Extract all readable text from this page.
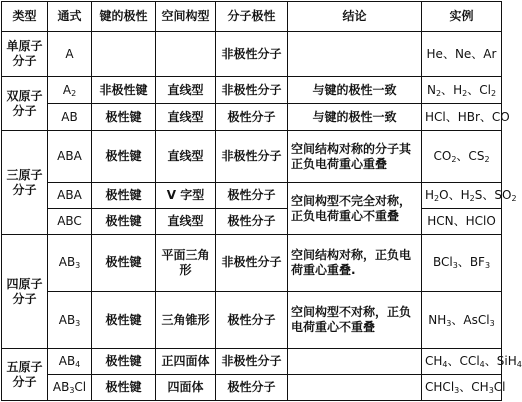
类型	通式	键的极性	空间构型	分子极性	结论	实例
单原子分子	A			非极性分子		He、Ne、Ar
双原子分子	$A_2$	非极性键	直线型	非极性分子	与键的极性一致	$N_2$、$H_2$、$Cl_2$
	AB	极性键	直线型	极性分子	与键的极性一致	HCl、HBr、CO
三原子分子	ABA	极性键	直线型	非极性分子	空间结构对称的分子其正负电荷重心重叠	$CO_2$、$CS_2$
	ABA	极性键	V 字型	极性分子	空间构型不完全对称，正负电荷重心不重叠	$H_2O$、$H_2S$、$SO_2$
	ABC	极性键	直线型	极性分子		HCN、HClO
四原子分子	$AB_3$	极性键	平面三角形	非极性分子	空间结构对称，正负电荷重心重叠.	BCl$_3$、$BF_3$
	$AB_3$	极性键	三角锥形	极性分子	空间构型不对称，正负电荷重心不重叠	$NH_3$、AsCl$_3$
五原子分子	$AB_4$	极性键	正四面体	非极性分子		$CH_4$、CCl$_4$、SiH$_4$
	$AB_3Cl$	极性键	四面体	极性分子		CHCl$_3$、$CH_3Cl$
